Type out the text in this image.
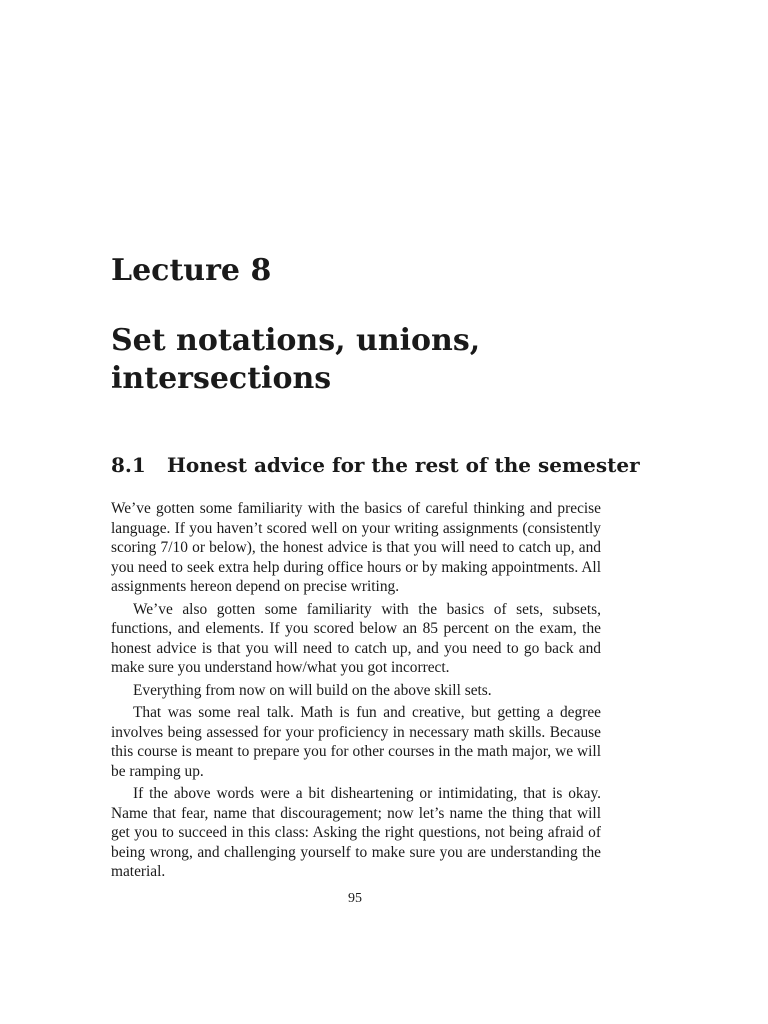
Lecture 8
Set notations, unions, intersections
8.1 Honest advice for the rest of the semester

We’ve gotten some familiarity with the basics of careful thinking and precise language. If you haven’t scored well on your writing assignments (consistently scoring 7/10 or below), the honest advice is that you will need to catch up, and you need to seek extra help during office hours or by making appointments. All assignments hereon depend on precise writing.

We’ve also gotten some familiarity with the basics of sets, subsets, functions, and elements. If you scored below an 85 percent on the exam, the honest advice is that you will need to catch up, and you need to go back and make sure you understand how/what you got incorrect.

Everything from now on will build on the above skill sets.

That was some real talk. Math is fun and creative, but getting a degree involves being assessed for your proficiency in necessary math skills. Because this course is meant to prepare you for other courses in the math major, we will be ramping up.

If the above words were a bit disheartening or intimidating, that is okay. Name that fear, name that discouragement; now let’s name the thing that will get you to succeed in this class: Asking the right questions, not being afraid of being wrong, and challenging yourself to make sure you are understanding the material.

95
